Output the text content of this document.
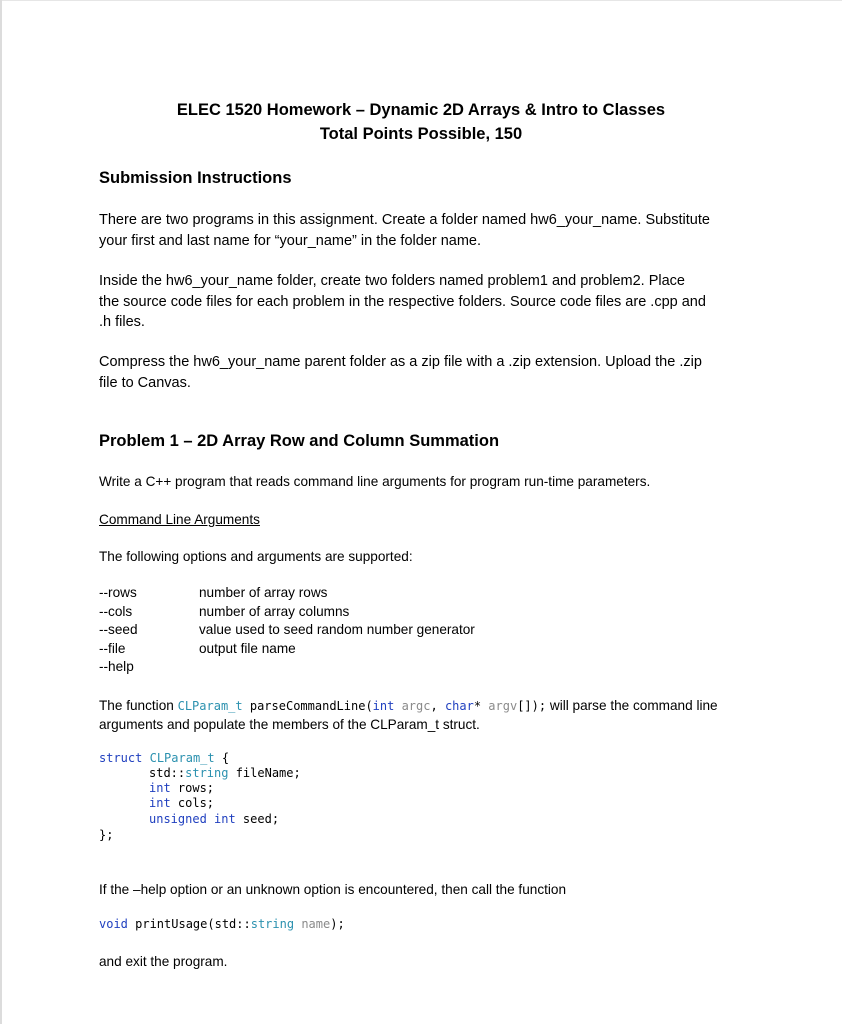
ELEC 1520 Homework – Dynamic 2D Arrays & Intro to Classes
Total Points Possible, 150
Submission Instructions
There are two programs in this assignment. Create a folder named hw6_your_name. Substitute
your first and last name for “your_name” in the folder name.
Inside the hw6_your_name folder, create two folders named problem1 and problem2. Place
the source code files for each problem in the respective folders. Source code files are .cpp and
.h files.
Compress the hw6_your_name parent folder as a zip file with a .zip extension. Upload the .zip
file to Canvas.
Problem 1 – 2D Array Row and Column Summation
Write a C++ program that reads command line arguments for program run-time parameters.
Command Line Arguments
The following options and arguments are supported:
--rows	number of array rows
--cols	number of array columns
--seed	value used to seed random number generator
--file	output file name
--help
The function CLParam_t parseCommandLine(int argc, char* argv[]); will parse the command line
arguments and populate the members of the CLParam_t struct.
struct CLParam_t {
std::string fileName;
int rows;
int cols;
unsigned int seed;
};
If the –help option or an unknown option is encountered, then call the function
void printUsage(std::string name);
and exit the program.
